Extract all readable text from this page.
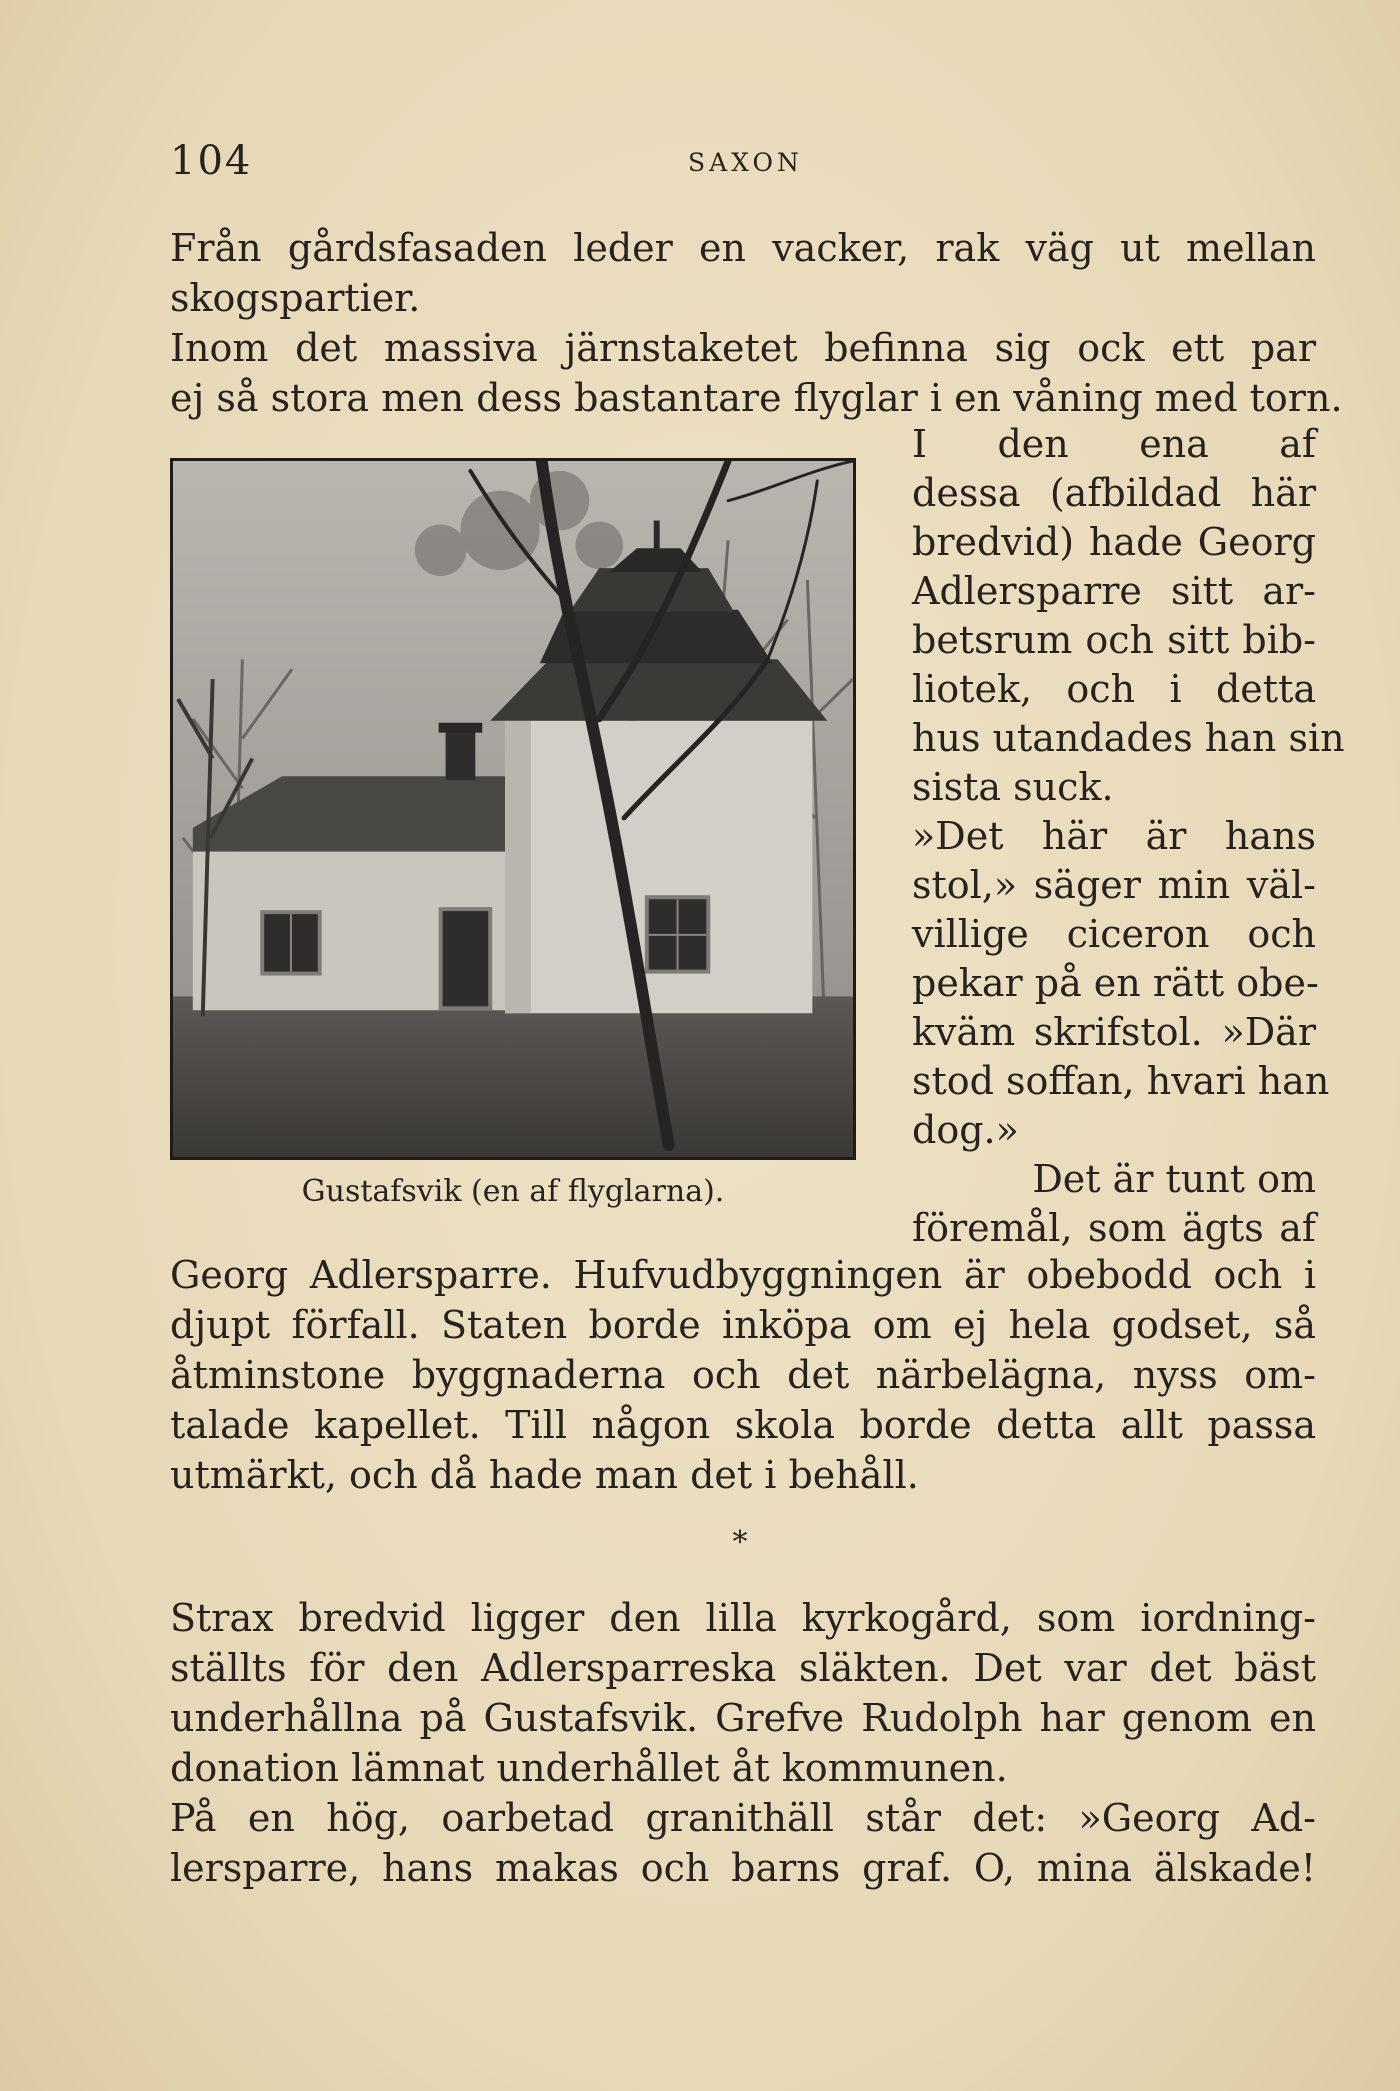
104	SAXON
Från gårdsfasaden leder en vacker, rak väg ut mellan
skogspartier.
Inom det massiva järnstaketet befinna sig ock ett par
ej så stora men dess bastantare flyglar i en våning med torn.
I den ena af
dessa (afbildad här
bredvid) hade Georg
Adlersparre sitt ar-
betsrum och sitt bib-
liotek, och i detta
hus utandades han sin
sista suck.
»Det här är hans
stol,» säger min väl-
villige ciceron och
pekar på en rätt obe-
kväm skrifstol. »Där
stod soffan, hvari han
dog.»
Det är tunt om
föremål, som ägts af
Gustafsvik (en af flyglarna).
Georg Adlersparre. Hufvudbyggningen är obebodd och i
djupt förfall. Staten borde inköpa om ej hela godset, så
åtminstone byggnaderna och det närbelägna, nyss om-
talade kapellet. Till någon skola borde detta allt passa
utmärkt, och då hade man det i behåll.
*
Strax bredvid ligger den lilla kyrkogård, som iordning-
ställts för den Adlersparreska släkten. Det var det bäst
underhållna på Gustafsvik. Grefve Rudolph har genom en
donation lämnat underhållet åt kommunen.
På en hög, oarbetad granithäll står det: »Georg Ad-
lersparre, hans makas och barns graf. O, mina älskade!
